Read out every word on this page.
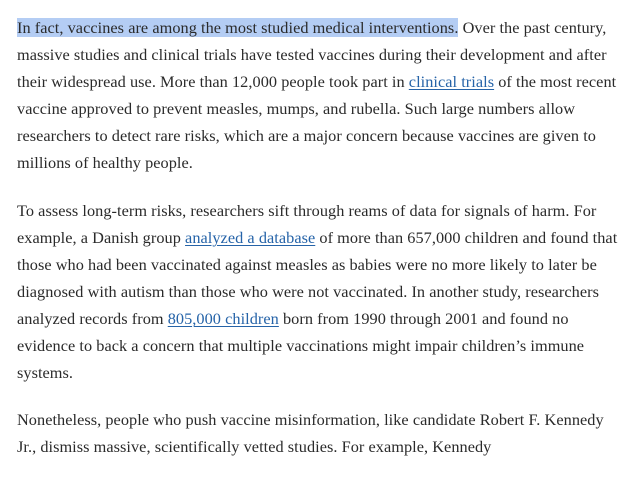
In fact, vaccines are among the most studied medical interventions. Over the past century, massive studies and clinical trials have tested vaccines during their development and after their widespread use. More than 12,000 people took part in clinical trials of the most recent vaccine approved to prevent measles, mumps, and rubella. Such large numbers allow researchers to detect rare risks, which are a major concern because vaccines are given to millions of healthy people.

To assess long-term risks, researchers sift through reams of data for signals of harm. For example, a Danish group analyzed a database of more than 657,000 children and found that those who had been vaccinated against measles as babies were no more likely to later be diagnosed with autism than those who were not vaccinated. In another study, researchers analyzed records from 805,000 children born from 1990 through 2001 and found no evidence to back a concern that multiple vaccinations might impair children’s immune systems.

Nonetheless, people who push vaccine misinformation, like candidate Robert F. Kennedy Jr., dismiss massive, scientifically vetted studies. For example, Kennedy
